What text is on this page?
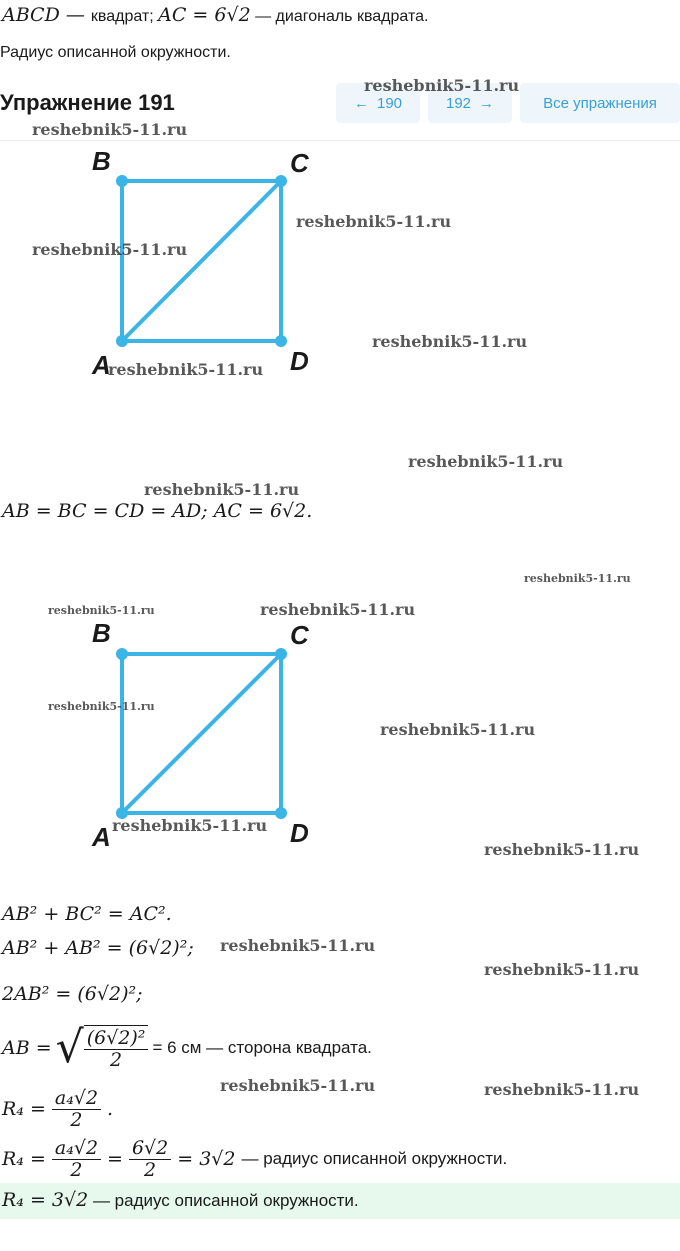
ABCD — квадрат; AC = 6√2 — диагональ квадрата.
Радиус описанной окружности.
Упражнение 191	← 190	192 →	Все упражнения
B	C
A	D
AB = BC = CD = AD; AC = 6√2.
B	C
A	D
AB² + BC² = AC².
AB² + AB² = (6√2)²;
2AB² = (6√2)²;
AB = √ $\frac{\text{(6√2)²}}{2} = 6$ см — сторона квадрата.
$R_4 = \frac{\text{a₄√2}}{2}$ .
$R_4 = \frac{\text{a₄√2}}{2} = \frac{6√2}{2} = 3√2$ — радиус описанной окружности.
R₄ = 3√2 — радиус описанной окружности.
reshebnik5-11.ru
reshebnik5-11.ru
reshebnik5-11.ru
reshebnik5-11.ru
reshebnik5-11.ru
reshebnik5-11.ru
reshebnik5-11.ru
reshebnik5-11.ru
reshebnik5-11.ru
reshebnik5-11.ru	reshebnik5-11.ru
reshebnik5-11.ru
reshebnik5-11.ru
reshebnik5-11.ru
reshebnik5-11.ru
reshebnik5-11.ru
reshebnik5-11.ru
reshebnik5-11.ru	reshebnik5-11.ru
